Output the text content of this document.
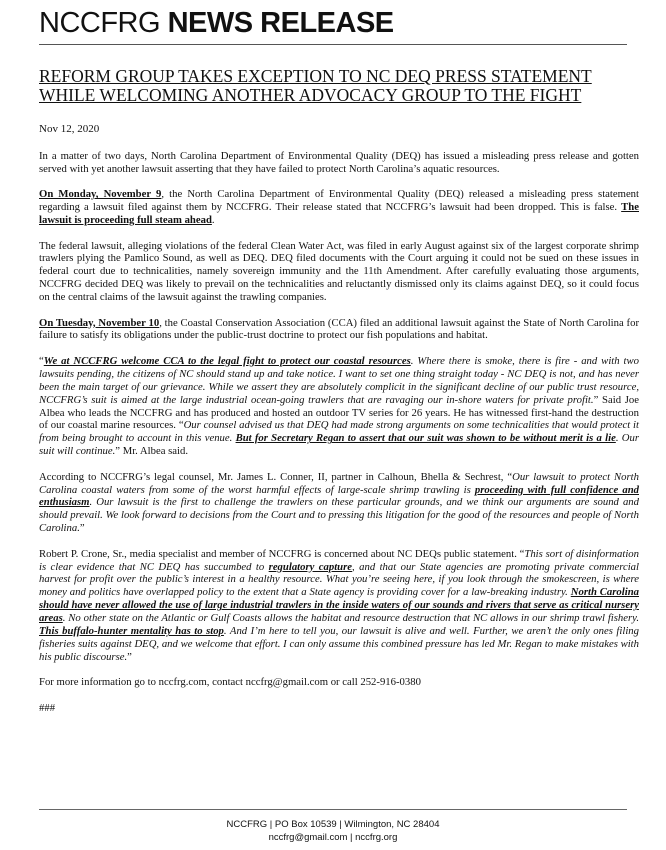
NCCFRG NEWS RELEASE
REFORM GROUP TAKES EXCEPTION TO NC DEQ PRESS STATEMENT WHILE WELCOMING ANOTHER ADVOCACY GROUP TO THE FIGHT
Nov 12, 2020

In a matter of two days, North Carolina Department of Environmental Quality (DEQ) has issued a misleading press release and gotten served with yet another lawsuit asserting that they have failed to protect North Carolina’s aquatic resources.

On Monday, November 9, the North Carolina Department of Environmental Quality (DEQ) released a misleading press statement regarding a lawsuit filed against them by NCCFRG. Their release stated that NCCFRG’s lawsuit had been dropped. This is false. The lawsuit is proceeding full steam ahead.

The federal lawsuit, alleging violations of the federal Clean Water Act, was filed in early August against six of the largest corporate shrimp trawlers plying the Pamlico Sound, as well as DEQ. DEQ filed documents with the Court arguing it could not be sued on these issues in federal court due to technicalities, namely sovereign immunity and the 11th Amendment. After carefully evaluating those arguments, NCCFRG decided DEQ was likely to prevail on the technicalities and reluctantly dismissed only its claims against DEQ, so it could focus on the central claims of the lawsuit against the trawling companies.

On Tuesday, November 10, the Coastal Conservation Association (CCA) filed an additional lawsuit against the State of North Carolina for failure to satisfy its obligations under the public-trust doctrine to protect our fish populations and habitat.

“We at NCCFRG welcome CCA to the legal fight to protect our coastal resources. Where there is smoke, there is fire - and with two lawsuits pending, the citizens of NC should stand up and take notice. I want to set one thing straight today - NC DEQ is not, and has never been the main target of our grievance. While we assert they are absolutely complicit in the significant decline of our public trust resource, NCCFRG’s suit is aimed at the large industrial ocean-going trawlers that are ravaging our in-shore waters for private profit.” Said Joe Albea who leads the NCCFRG and has produced and hosted an outdoor TV series for 26 years. He has witnessed first-hand the destruction of our coastal marine resources. “Our counsel advised us that DEQ had made strong arguments on some technicalities that would protect it from being brought to account in this venue. But for Secretary Regan to assert that our suit was shown to be without merit is a lie. Our suit will continue.” Mr. Albea said.

According to NCCFRG’s legal counsel, Mr. James L. Conner, II, partner in Calhoun, Bhella & Sechrest, “Our lawsuit to protect North Carolina coastal waters from some of the worst harmful effects of large-scale shrimp trawling is proceeding with full confidence and enthusiasm. Our lawsuit is the first to challenge the trawlers on these particular grounds, and we think our arguments are sound and should prevail. We look forward to decisions from the Court and to pressing this litigation for the good of the resources and people of North Carolina.”

Robert P. Crone, Sr., media specialist and member of NCCFRG is concerned about NC DEQs public statement. “This sort of disinformation is clear evidence that NC DEQ has succumbed to regulatory capture, and that our State agencies are promoting private commercial harvest for profit over the public’s interest in a healthy resource. What you’re seeing here, if you look through the smokescreen, is where money and politics have overlapped policy to the extent that a State agency is providing cover for a law-breaking industry. North Carolina should have never allowed the use of large industrial trawlers in the inside waters of our sounds and rivers that serve as critical nursery areas. No other state on the Atlantic or Gulf Coasts allows the habitat and resource destruction that NC allows in our shrimp trawl fishery. This buffalo-hunter mentality has to stop. And I’m here to tell you, our lawsuit is alive and well. Further, we aren’t the only ones filing fisheries suits against DEQ, and we welcome that effort. I can only assume this combined pressure has led Mr. Regan to make mistakes with his public discourse.”

For more information go to nccfrg.com, contact nccfrg@gmail.com or call 252-916-0380

###

NCCFRG | PO Box 10539 | Wilmington, NC 28404
nccfrg@gmail.com | nccfrg.org
